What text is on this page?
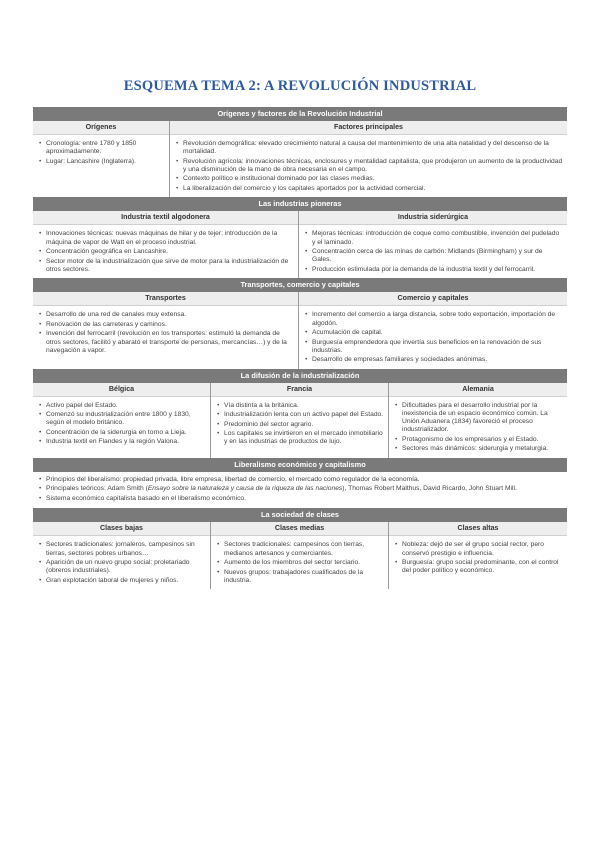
ESQUEMA TEMA 2: A REVOLUCIÓN INDUSTRIAL
Orígenes y factores de la Revolución Industrial
Orígenes
• Cronología: entre 1780 y 1850 aproximadamente.
• Lugar: Lancashire (Inglaterra).
Factores principales
• Revolución demográfica: elevado crecimiento natural a causa del mantenimiento de una alta natalidad y del descenso de la mortalidad.
• Revolución agrícola: innovaciones técnicas, enclosures y mentalidad capitalista, que produjeron un aumento de la productividad y una disminución de la mano de obra necesaria en el campo.
• Contexto político e institucional dominado por las clases medias.
• La liberalización del comercio y los capitales aportados por la actividad comercial.
Las industrias pioneras
Industria textil algodonera
• Innovaciones técnicas: nuevas máquinas de hilar y de tejer; introducción de la máquina de vapor de Watt en el proceso industrial.
• Concentración geográfica en Lancashire.
• Sector motor de la industrialización que sirve de motor para la industrialización de otros sectores.
Industria siderúrgica
• Mejoras técnicas: introducción de coque como combustible, invención del pudelado y el laminado.
• Concentración cerca de las minas de carbón: Midlands (Birmingham) y sur de Gales.
• Producción estimulada por la demanda de la industria textil y del ferrocarril.
Transportes, comercio y capitales
Transportes
• Desarrollo de una red de canales muy extensa.
• Renovación de las carreteras y caminos.
• Invención del ferrocarril (revolución en los transportes: estimuló la demanda de otros sectores, facilitó y abarató el transporte de personas, mercancías…) y de la navegación a vapor.
Comercio y capitales
• Incremento del comercio a larga distancia, sobre todo exportación, importación de algodón.
• Acumulación de capital.
• Burguesía emprendedora que invertía sus beneficios en la renovación de sus industrias.
• Desarrollo de empresas familiares y sociedades anónimas.
La difusión de la industrialización
Bélgica
• Activo papel del Estado.
• Comenzó su industrialización entre 1800 y 1830, según el modelo británico.
• Concentración de la siderurgia en torno a Lieja.
• Industria textil en Flandes y la región Valona.
Francia
• Vía distinta a la británica.
• Industrialización lenta con un activo papel del Estado.
• Predominio del sector agrario.
• Los capitales se invirtieron en el mercado inmobiliario y en las industrias de productos de lujo.
Alemania
• Dificultades para el desarrollo industrial por la inexistencia de un espacio económico común. La Unión Aduanera (1834) favoreció el proceso industrializador.
• Protagonismo de los empresarios y el Estado.
• Sectores más dinámicos: siderurgia y metalurgia.
Liberalismo económico y capitalismo
• Principios del liberalismo: propiedad privada, libre empresa, libertad de comercio, el mercado como regulador de la economía.
• Principales teóricos: Adam Smith (Ensayo sobre la naturaleza y causa de la riqueza de las naciones), Thomas Robert Malthus, David Ricardo, John Stuart Mill.
• Sistema económico capitalista basado en el liberalismo económico.
La sociedad de clases
Clases bajas
• Sectores tradicionales: jornaleros, campesinos sin tierras, sectores pobres urbanos…
• Aparición de un nuevo grupo social: proletariado (obreros industriales).
• Gran explotación laboral de mujeres y niños.
Clases medias
• Sectores tradicionales: campesinos con tierras, medianos artesanos y comerciantes.
• Aumento de los miembros del sector terciario.
• Nuevos grupos: trabajadores cualificados de la industria.
Clases altas
• Nobleza: dejó de ser el grupo social rector, pero conservó prestigio e influencia.
• Burguesía: grupo social predominante, con el control del poder político y económico.
